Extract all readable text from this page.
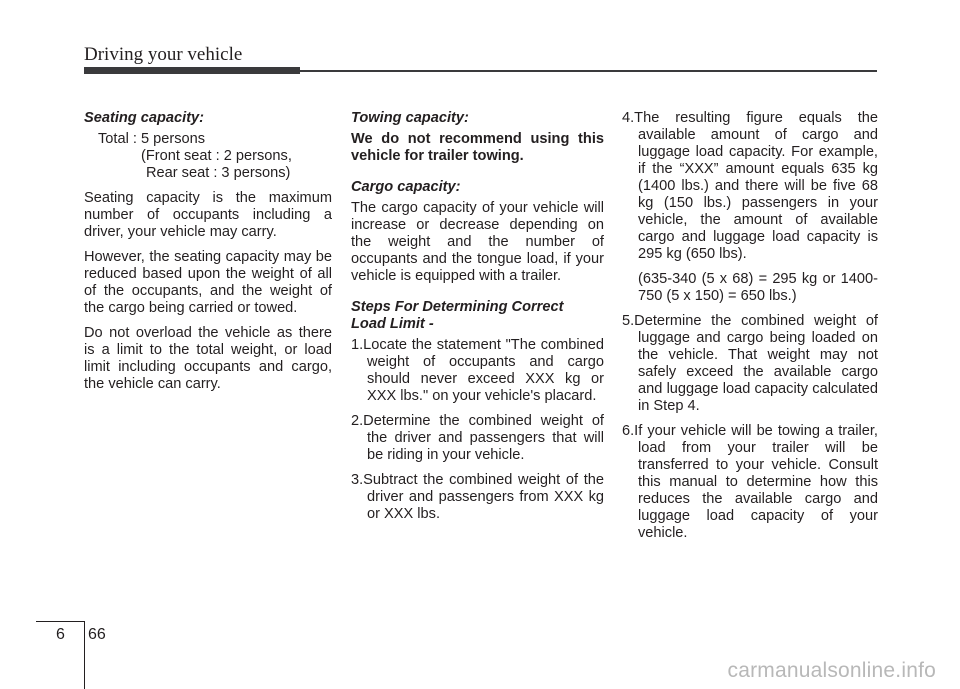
Driving your vehicle

Seating capacity:

Total : 5 persons

(Front seat : 2 persons,

Rear seat : 3 persons)

Seating capacity is the maximum number of occupants including a driver, your vehicle may carry.

However, the seating capacity may be reduced based upon the weight of all of the occupants, and the weight of the cargo being carried or towed.

Do not overload the vehicle as there is a limit to the total weight, or load limit including occupants and cargo, the vehicle can carry.

Towing capacity:

We do not recommend using this vehicle for trailer towing.

Cargo capacity:

The cargo capacity of your vehicle will increase or decrease depending on the weight and the number of occupants and the tongue load, if your vehicle is equipped with a trailer.

Steps For Determining Correct

Load Limit -

1.Locate the statement "The combined weight of occupants and cargo should never exceed XXX kg or XXX lbs." on your vehicle's placard.

2.Determine the combined weight of the driver and passengers that will be riding in your vehicle.

3.Subtract the combined weight of the driver and passengers from XXX kg or XXX lbs.

4.The resulting figure equals the available amount of cargo and luggage load capacity. For example, if the “XXX” amount equals 635 kg (1400 lbs.) and there will be five 68 kg (150 lbs.) passengers in your vehicle, the amount of available cargo and luggage load capacity is 295 kg (650 lbs).

(635-340 (5 x 68) = 295 kg or 1400-750 (5 x 150) = 650 lbs.)

5.Determine the combined weight of luggage and cargo being loaded on the vehicle. That weight may not safely exceed the available cargo and luggage load capacity calculated in Step 4.

6.If your vehicle will be towing a trailer, load from your trailer will be transferred to your vehicle. Consult this manual to determine how this reduces the available cargo and luggage load capacity of your vehicle.

6 66
carmanualsonline.info
